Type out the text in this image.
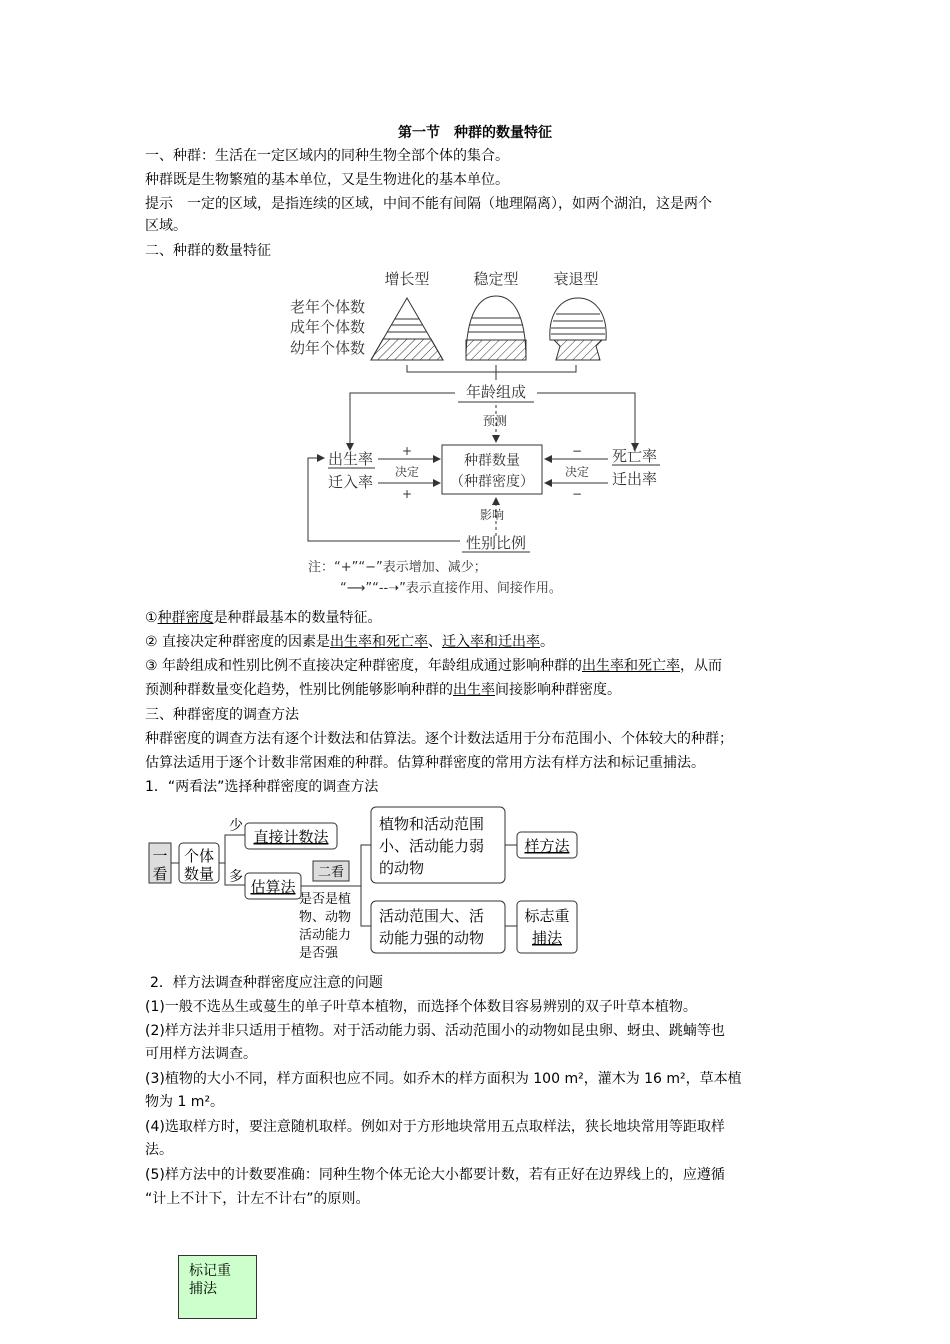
第一节　种群的数量特征
一、种群：生活在一定区域内的同种生物全部个体的集合。
种群既是生物繁殖的基本单位，又是生物进化的基本单位。
提示　一定的区域，是指连续的区域，中间不能有间隔（地理隔离），如两个湖泊，这是两个
区域。
二、种群的数量特征
增长型	稳定型 衰退型
老年个体数
成年个体数
幼年个体数
年龄组成
预测
种群数量
（种群密度）
出生率
迁入率
+
决定
+
死亡率
迁出率
−
决定
−
影响
性别比例
注：“+”“−”表示增加、减少；
“⟶”“--➝”表示直接作用、间接作用。
①种群密度是种群最基本的数量特征。
② 直接决定种群密度的因素是出生率和死亡率、迁入率和迁出率。
③ 年龄组成和性别比例不直接决定种群密度，年龄组成通过影响种群的出生率和死亡率，从而
预测种群数量变化趋势，性别比例能够影响种群的出生率间接影响种群密度。
三、种群密度的调查方法
种群密度的调查方法有逐个计数法和估算法。逐个计数法适用于分布范围小、个体较大的种群；
估算法适用于逐个计数非常困难的种群。估算种群密度的常用方法有样方法和标记重捕法。
1．“两看法”选择种群密度的调查方法
一
看
个体
数量
少
多
直接计数法
估算法
二看
是否是植
物、动物
活动能力
是否强
植物和活动范围
小、活动能力弱
的动物
样方法
活动范围大、活
动能力强的动物
标志重
捕法
2．样方法调查种群密度应注意的问题
(1)一般不选丛生或蔓生的单子叶草本植物，而选择个体数目容易辨别的双子叶草本植物。
(2)样方法并非只适用于植物。对于活动能力弱、活动范围小的动物如昆虫卵、蚜虫、跳蝻等也
可用样方法调查。
(3)植物的大小不同，样方面积也应不同。如乔木的样方面积为 100 m²，灌木为 16 m²，草本植
物为 1 m²。
(4)选取样方时，要注意随机取样。例如对于方形地块常用五点取样法，狭长地块常用等距取样
法。
(5)样方法中的计数要准确：同种生物个体无论大小都要计数，若有正好在边界线上的，应遵循
“计上不计下，计左不计右”的原则。
标记重
捕法
